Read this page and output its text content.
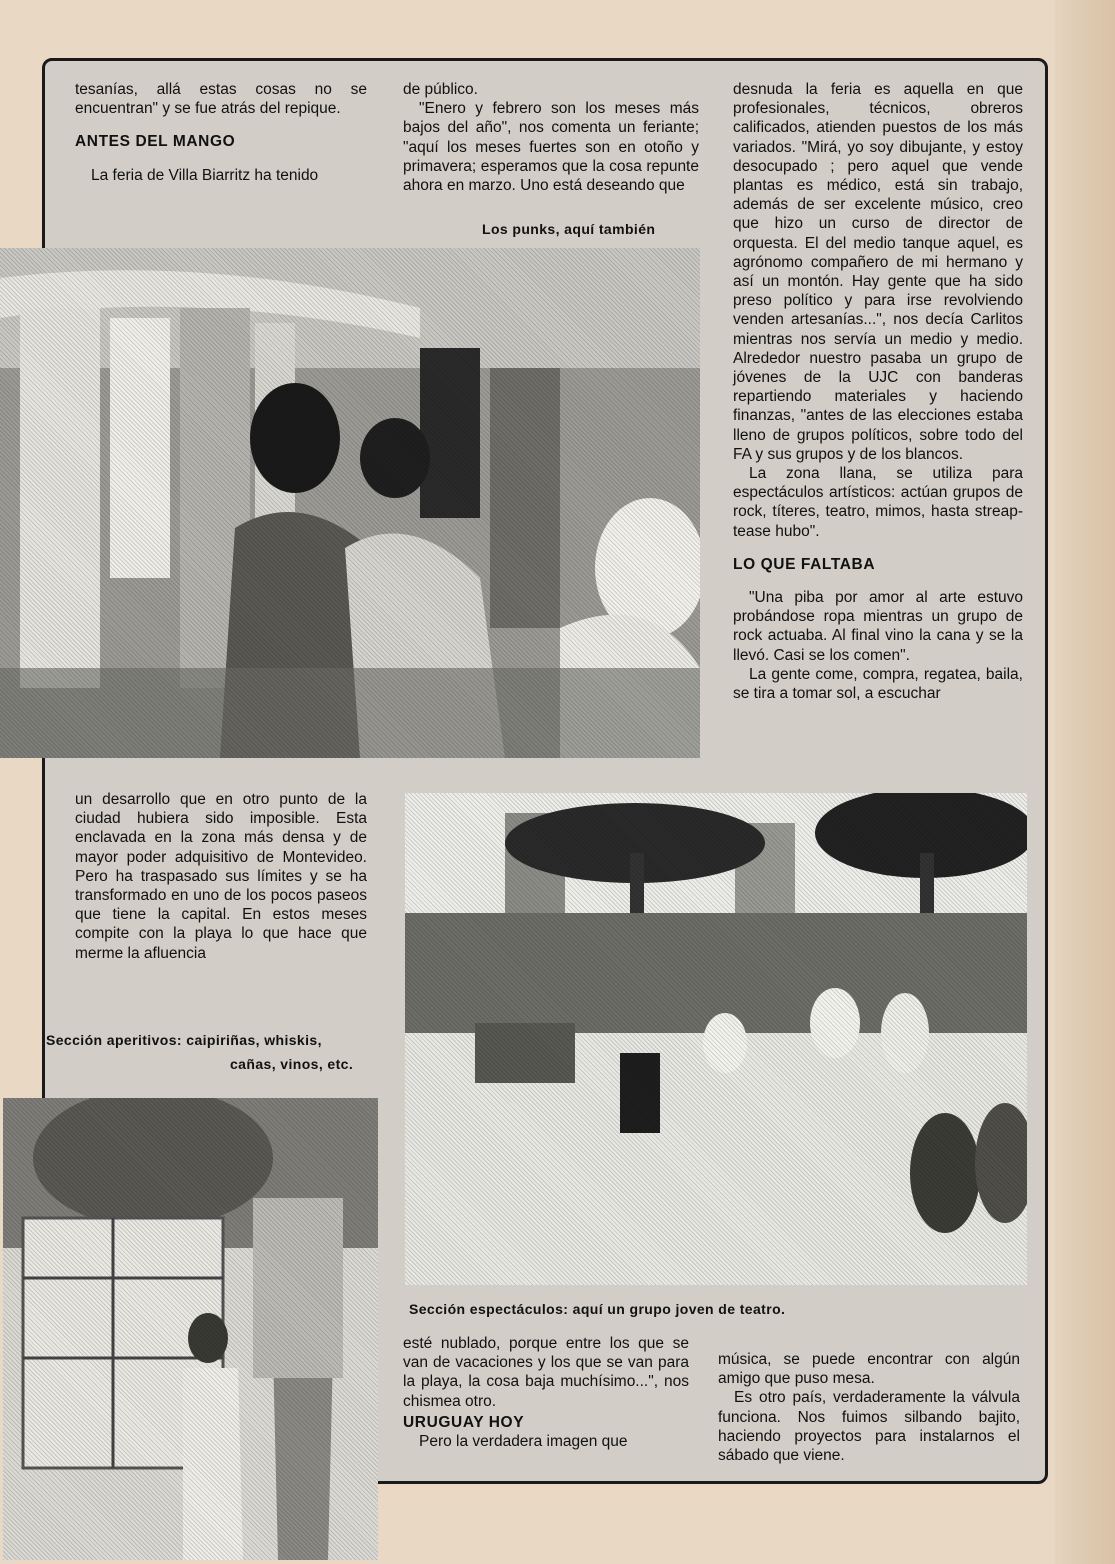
tesanías, allá estas cosas no se encuentran" y se fue atrás del repique.

ANTES DEL MANGO

La feria de Villa Biarritz ha tenido

de público.

"Enero y febrero son los meses más bajos del año", nos comenta un feriante; "aquí los meses fuertes son en otoño y primavera; esperamos que la cosa repunte ahora en marzo. Uno está deseando que

Los punks, aquí también

desnuda la feria es aquella en que profesionales, técnicos, obreros calificados, atienden puestos de los más variados. "Mirá, yo soy dibujante, y estoy desocupado ; pero aquel que vende plantas es médico, está sin trabajo, además de ser excelente músico, creo que hizo un curso de director de orquesta. El del medio tanque aquel, es agrónomo compañero de mi hermano y así un montón. Hay gente que ha sido preso político y para irse revolviendo venden artesanías...", nos decía Carlitos mientras nos servía un medio y medio. Alrededor nuestro pasaba un grupo de jóvenes de la UJC con banderas repartiendo materiales y haciendo finanzas, "antes de las elecciones estaba lleno de grupos políticos, sobre todo del FA y sus grupos y de los blancos.

La zona llana, se utiliza para espectáculos artísticos: actúan grupos de rock, títeres, teatro, mimos, hasta streap-tease hubo".

LO QUE FALTABA

"Una piba por amor al arte estuvo probándose ropa mientras un grupo de rock actuaba. Al final vino la cana y se la llevó. Casi se los comen".

La gente come, compra, regatea, baila, se tira a tomar sol, a escuchar

un desarrollo que en otro punto de la ciudad hubiera sido imposible. Esta enclavada en la zona más densa y de mayor poder adquisitivo de Montevideo. Pero ha traspasado sus límites y se ha transformado en uno de los pocos paseos que tiene la capital. En estos meses compite con la playa lo que hace que merme la afluencia

Sección aperitivos: caipiriñas, whiskis,
cañas, vinos, etc.
Sección espectáculos: aquí un grupo joven de teatro.

esté nublado, porque entre los que se van de vacaciones y los que se van para la playa, la cosa baja muchísimo...", nos chismea otro.

URUGUAY HOY

Pero la verdadera imagen que

música, se puede encontrar con algún amigo que puso mesa.

Es otro país, verdaderamente la válvula funciona. Nos fuimos silbando bajito, haciendo proyectos para instalarnos el sábado que viene.
